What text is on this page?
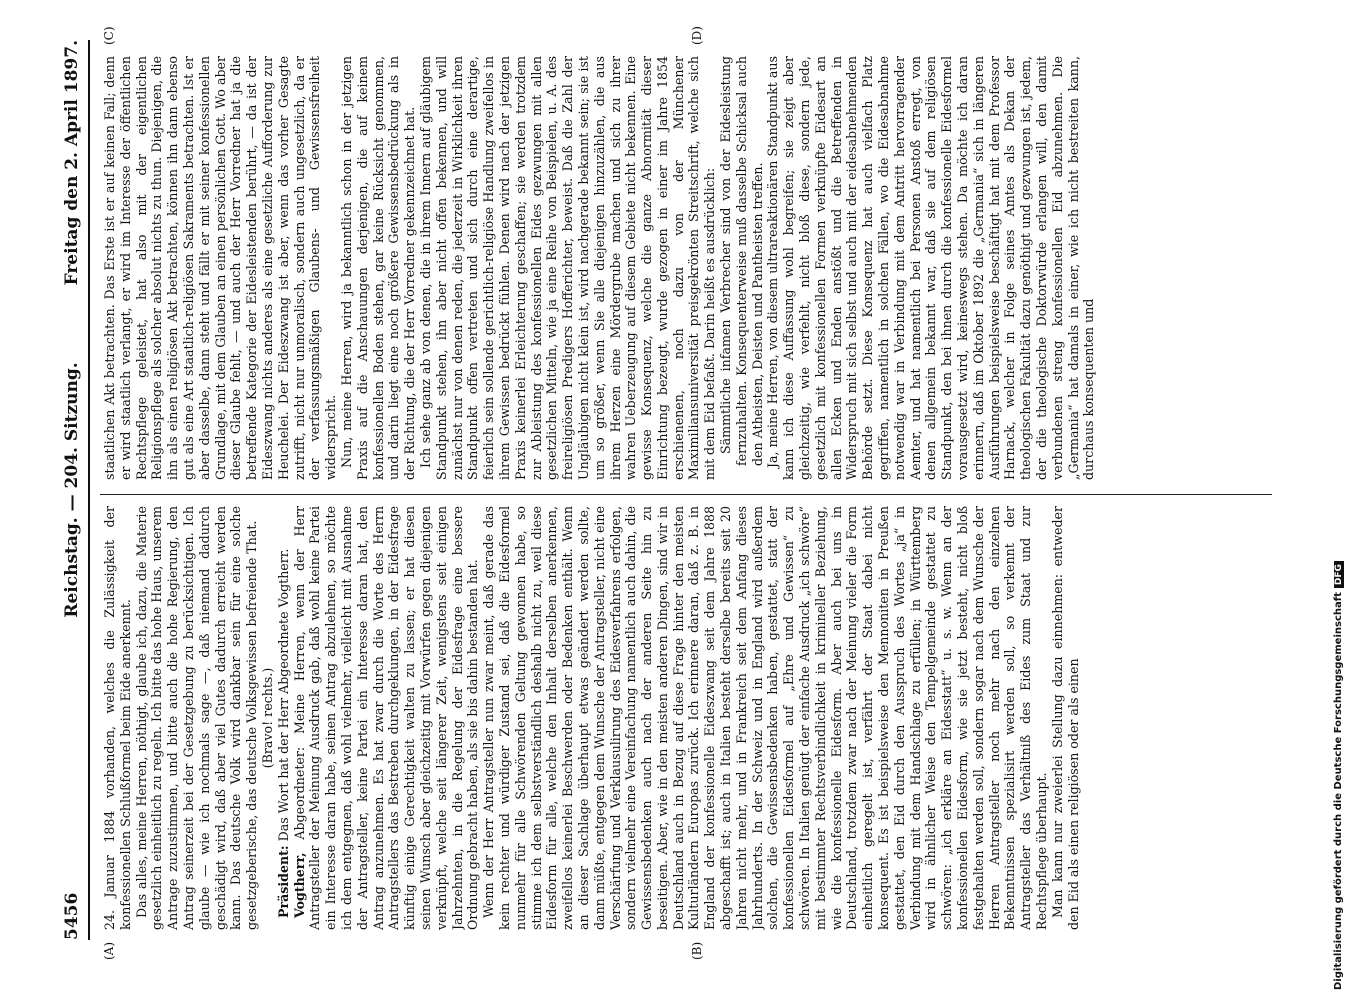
5456
Reichstag. — 204. Sitzung.
Freitag den 2. April 1897.
(A)	(B)
(C)	(D)

24. Januar 1884 vorhanden, welches die Zulässigkeit der konfessionellen Schlußformel beim Eide anerkennt. Das alles, meine Herren, nöthigt, glaube ich, dazu, die Materie gesetzlich einheitlich zu regeln. Ich bitte das hohe Haus, unserem Antrage zuzustimmen, und bitte auch die hohe Regierung, den Antrag seinerzeit bei der Gesetzgebung zu berücksichtigen. Ich glaube — wie ich nochmals sage —, daß niemand dadurch geschädigt wird, daß aber viel Gutes dadurch erreicht werden kann. Das deutsche Volk wird dankbar sein für eine solche gesetzgeberische, das deutsche Volksgewissen befreiende That. (Bravo! rechts.)

Präsident: Das Wort hat der Herr Abgeordnete Vogtherr.

Vogtherr, Abgeordneter: Meine Herren, wenn der Herr Antragsteller der Meinung Ausdruck gab, daß wohl keine Partei ein Interesse daran habe, seinen Antrag abzulehnen, so möchte ich dem entgegnen, daß wohl vielmehr, vielleicht mit Ausnahme der Antragsteller, keine Partei ein Interesse daran hat, den Antrag anzunehmen. Es hat zwar durch die Worte des Herrn Antragstellers das Bestreben durchgeklungen, in der Eidesfrage künftig einige Gerechtigkeit walten zu lassen; er hat diesen seinen Wunsch aber gleichzeitig mit Vorwürfen gegen diejenigen verknüpft, welche seit längerer Zeit, wenigstens seit einigen Jahrzehnten, in die Regelung der Eidesfrage eine bessere Ordnung gebracht haben, als sie bis dahin bestanden hat. Wenn der Herr Antragsteller nun zwar meint, daß gerade das kein rechter und würdiger Zustand sei, daß die Eidesformel nunmehr für alle Schwörenden Geltung gewonnen habe, so stimme ich dem selbstverständlich deshalb nicht zu, weil diese Eidesform für alle, welche den Inhalt derselben anerkennen, zweifellos keinerlei Beschwerden oder Bedenken enthält. Wenn an dieser Sachlage überhaupt etwas geändert werden sollte, dann müßte, entgegen dem Wunsche der Antragsteller, nicht eine Verschärfung und Verklausulirung des Eidesverfahrens erfolgen, sondern vielmehr eine Vereinfachung namentlich auch dahin, die Gewissensbedenken auch nach der anderen Seite hin zu beseitigen. Aber, wie in den meisten anderen Dingen, sind wir in Deutschland auch in Bezug auf diese Frage hinter den meisten Kulturländern Europas zurück. Ich erinnere daran, daß z. B. in England der konfessionelle Eideszwang seit dem Jahre 1888 abgeschafft ist; auch in Italien besteht derselbe bereits seit 20 Jahren nicht mehr, und in Frankreich seit dem Anfang dieses Jahrhunderts. In der Schweiz und in England wird außerdem solchen, die Gewissensbedenken haben, gestattet, statt der konfessionellen Eidesformel auf „Ehre und Gewissen“ zu schwören. In Italien genügt der einfache Ausdruck „ich schwöre“ mit bestimmter Rechtsverbindlichkeit in krimineller Beziehung, wie die konfessionelle Eidesform. Aber auch bei uns in Deutschland, trotzdem zwar nach der Meinung vieler die Form einheitlich geregelt ist, verfährt der Staat dabei nicht konsequent. Es ist beispielsweise den Mennoniten in Preußen gestattet, den Eid durch den Ausspruch des Wortes „ja“ in Verbindung mit dem Handschlage zu erfüllen; in Württemberg wird in ähnlicher Weise den Tempelgemeinde gestattet zu schwören: „ich erkläre an Eidesstatt“ u. s. w. Wenn an der konfessionellen Eidesform, wie sie jetzt besteht, nicht bloß festgehalten werden soll, sondern sogar nach dem Wunsche der Herren Antragsteller noch mehr nach den einzelnen Bekenntnissen spezialisirt werden soll, so verkennt der Antragsteller das Verhältniß des Eides zum Staat und zur Rechtspflege überhaupt. Man kann nur zweierlei Stellung dazu einnehmen: entweder den Eid als einen religiösen oder als einen

staatlichen Akt betrachten. Das Erste ist er auf keinen Fall; denn er wird staatlich verlangt, er wird im Interesse der öffentlichen Rechtspflege geleistet, hat also mit der eigentlichen Religionspflege als solcher absolut nichts zu thun. Diejenigen, die ihn als einen religiösen Akt betrachten, können ihn dann ebenso gut als eine Art staatlich-religiösen Sakraments betrachten. Ist er aber dasselbe, dann steht und fällt er mit seiner konfessionellen Grundlage, mit dem Glauben an einen persönlichen Gott. Wo aber dieser Glaube fehlt, — und auch der Herr Vorredner hat ja die betreffende Kategorie der Eidesleistenden berührt, — da ist der Eideszwang nichts anderes als eine gesetzliche Aufforderung zur Heuchelei. Der Eideszwang ist aber, wenn das vorher Gesagte zutrifft, nicht nur unmoralisch, sondern auch ungesetzlich, da er der verfassungsmäßigen Glaubens- und Gewissensfreiheit widerspricht. Nun, meine Herren, wird ja bekanntlich schon in der jetzigen Praxis auf die Anschauungen derjenigen, die auf keinem konfessionellen Boden stehen, gar keine Rücksicht genommen, und darin liegt eine noch größere Gewissensbedrückung als in der Richtung, die der Herr Vorredner gekennzeichnet hat. Ich sehe ganz ab von denen, die in ihrem Innern auf gläubigem Standpunkt stehen, ihn aber nicht offen bekennen, und will zunächst nur von denen reden, die jederzeit in Wirklichkeit ihren Standpunkt offen vertreten und sich durch eine derartige, feierlich sein sollende gerichtlich-religiöse Handlung zweifellos in ihrem Gewissen bedrückt fühlen. Denen wird nach der jetzigen Praxis keinerlei Erleichterung geschaffen; sie werden trotzdem zur Ableistung des konfessionellen Eides gezwungen mit allen gesetzlichen Mitteln, wie ja eine Reihe von Beispielen, u. A. des freireligiösen Predigers Hofferichter, beweist. Daß die Zahl der Ungläubigen nicht klein ist, wird nachgerade bekannt sein; sie ist um so größer, wenn Sie alle diejenigen hinzuzählen, die aus ihrem Herzen eine Mördergrube machen und sich zu ihrer wahren Ueberzeugung auf diesem Gebiete nicht bekennen. Eine gewisse Konsequenz, welche die ganze Abnormität dieser Einrichtung bezeugt, wurde gezogen in einer im Jahre 1854 erschienenen, noch dazu von der Münchener Maximiliansuniversität preisgekrönten Streitschrift, welche sich mit dem Eid befaßt. Darin heißt es ausdrücklich: Sämmtliche infamen Verbrecher sind von der Eidesleistung fernzuhalten. Konsequenterweise muß dasselbe Schicksal auch den Atheisten, Deisten und Pantheisten treffen. Ja, meine Herren, von diesem ultrareaktionären Standpunkt aus kann ich diese Auffassung wohl begreifen; sie zeigt aber gleichzeitig, wie verfehlt, nicht bloß diese, sondern jede, gesetzlich mit konfessionellen Formen verknüpfte Eidesart an allen Ecken und Enden anstößt und die Betreffenden in Widerspruch mit sich selbst und auch mit der eidesabnehmenden Behörde setzt. Diese Konsequenz hat auch vielfach Platz gegriffen, namentlich in solchen Fällen, wo die Eidesabnahme notwendig war in Verbindung mit dem Antritt hervorragender Aemter, und hat namentlich bei Personen Anstoß erregt, von denen allgemein bekannt war, daß sie auf dem religiösen Standpunkt, den bei ihnen durch die konfessionelle Eidesformel vorausgesetzt wird, keineswegs stehen. Da möchte ich daran erinnern, daß im Oktober 1892 die „Germania“ sich in längeren Ausführungen beispielsweise beschäftigt hat mit dem Professor Harnack, welcher in Folge seines Amtes als Dekan der theologischen Fakultät dazu genöthigt und gezwungen ist, jedem, der die theologische Doktorwürde erlangen will, den damit verbundenen streng konfessionellen Eid abzunehmen. Die „Germania“ hat damals in einer, wie ich nicht bestreiten kann, durchaus konsequenten und

Digitalisierung gefördert durch die Deutsche ForschungsgemeinschaftDFG
